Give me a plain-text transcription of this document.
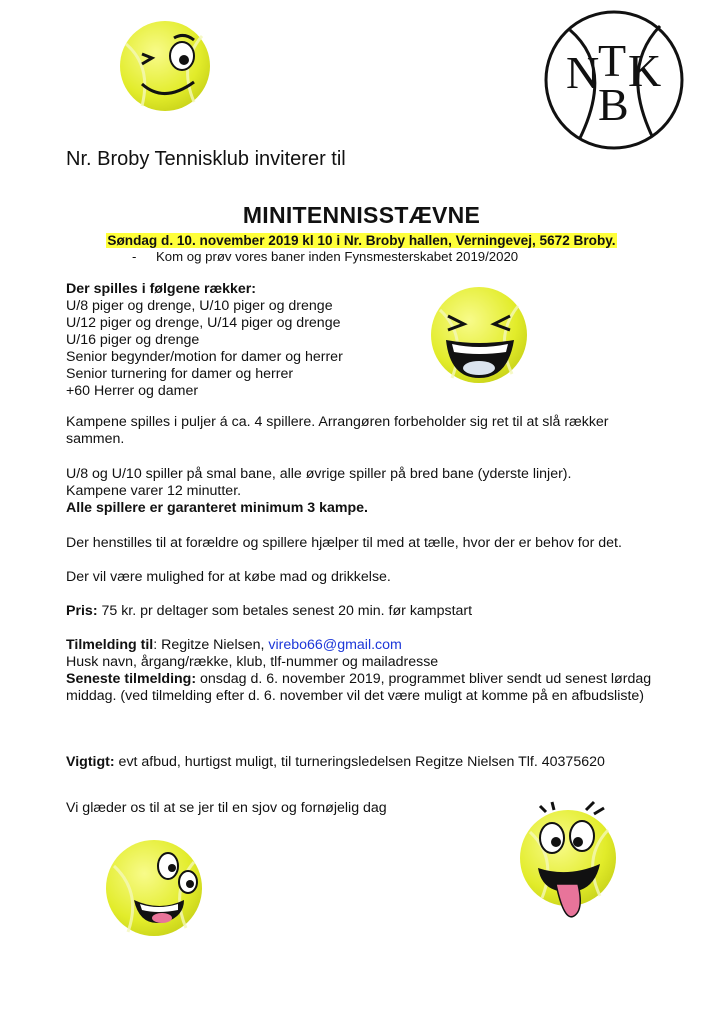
N
T K
B
Nr. Broby Tennisklub inviterer til
MINITENNISSTÆVNE
Søndag d. 10. november 2019 kl 10 i Nr. Broby hallen, Verningevej, 5672 Broby.
- Kom og prøv vores baner inden Fynsmesterskabet 2019/2020
Der spilles i følgene rækker:
U/8 piger og drenge, U/10 piger og drenge
U/12 piger og drenge, U/14 piger og drenge
U/16 piger og drenge
Senior begynder/motion for damer og herrer
Senior turnering for damer og herrer
+60 Herrer og damer
Kampene spilles i puljer á ca. 4 spillere. Arrangøren forbeholder sig ret til at slå rækker sammen.
U/8 og U/10 spiller på smal bane, alle øvrige spiller på bred bane (yderste linjer).
Kampene varer 12 minutter.
Alle spillere er garanteret minimum 3 kampe.
Der henstilles til at forældre og spillere hjælper til med at tælle, hvor der er behov for det.
Der vil være mulighed for at købe mad og drikkelse.
Pris: 75 kr. pr deltager som betales senest 20 min. før kampstart
Tilmelding til: Regitze Nielsen, virebo66@gmail.com
Husk navn, årgang/række, klub, tlf-nummer og mailadresse
Seneste tilmelding: onsdag d. 6. november 2019, programmet bliver sendt ud senest lørdag middag. (ved tilmelding efter d. 6. november vil det være muligt at komme på en afbudsliste)
Vigtigt: evt afbud, hurtigst muligt, til turneringsledelsen Regitze Nielsen Tlf. 40375620
Vi glæder os til at se jer til en sjov og fornøjelig dag
